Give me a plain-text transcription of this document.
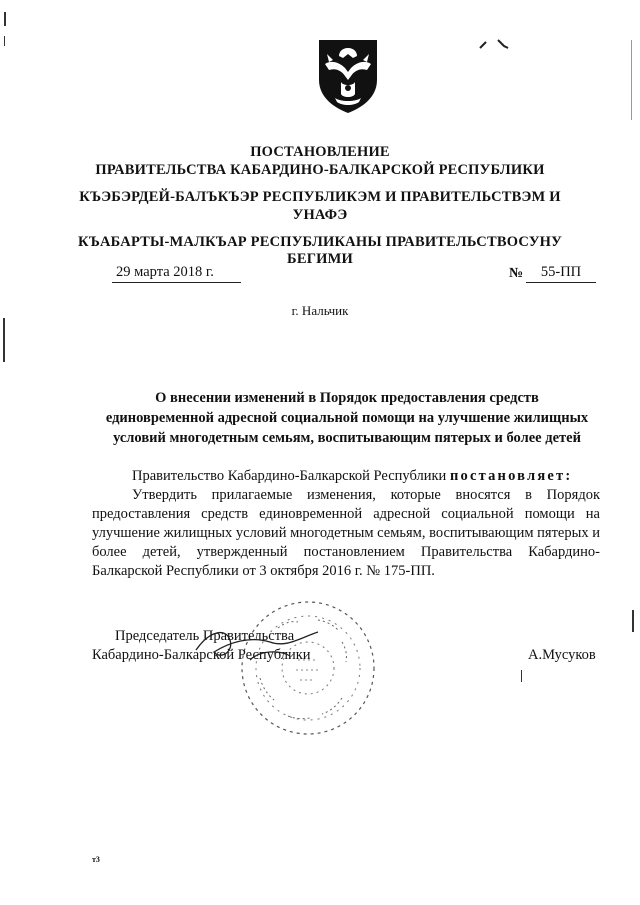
ПОСТАНОВЛЕНИЕ
ПРАВИТЕЛЬСТВА КАБАРДИНО-БАЛКАРСКОЙ РЕСПУБЛИКИ
КЪЭБЭРДЕЙ-БАЛЪКЪЭР РЕСПУБЛИКЭМ И ПРАВИТЕЛЬСТВЭМ И
УНАФЭ
КЪАБАРТЫ-МАЛКЪАР РЕСПУБЛИКАНЫ ПРАВИТЕЛЬСТВОСУНУ
БЕГИМИ
29 марта 2018 г.	№	55-ПП
г. Нальчик
О внесении изменений в Порядок предоставления средств
единовременной адресной социальной помощи на улучшение жилищных
условий многодетным семьям, воспитывающим пятерых и более детей

Правительство Кабардино-Балкарской Республики постановляет:

Утвердить прилагаемые изменения, которые вносятся в Порядок предоставления средств единовременной адресной социальной помощи на улучшение жилищных условий многодетным семьям, воспитывающим пятерых и более детей, утвержденный постановлением Правительства Кабардино-Балкарской Республики от 3 октября 2016 г. № 175-ПП.

Председатель Правительства
Кабардино-Балкарской Республики	А.Мусуков
т3
